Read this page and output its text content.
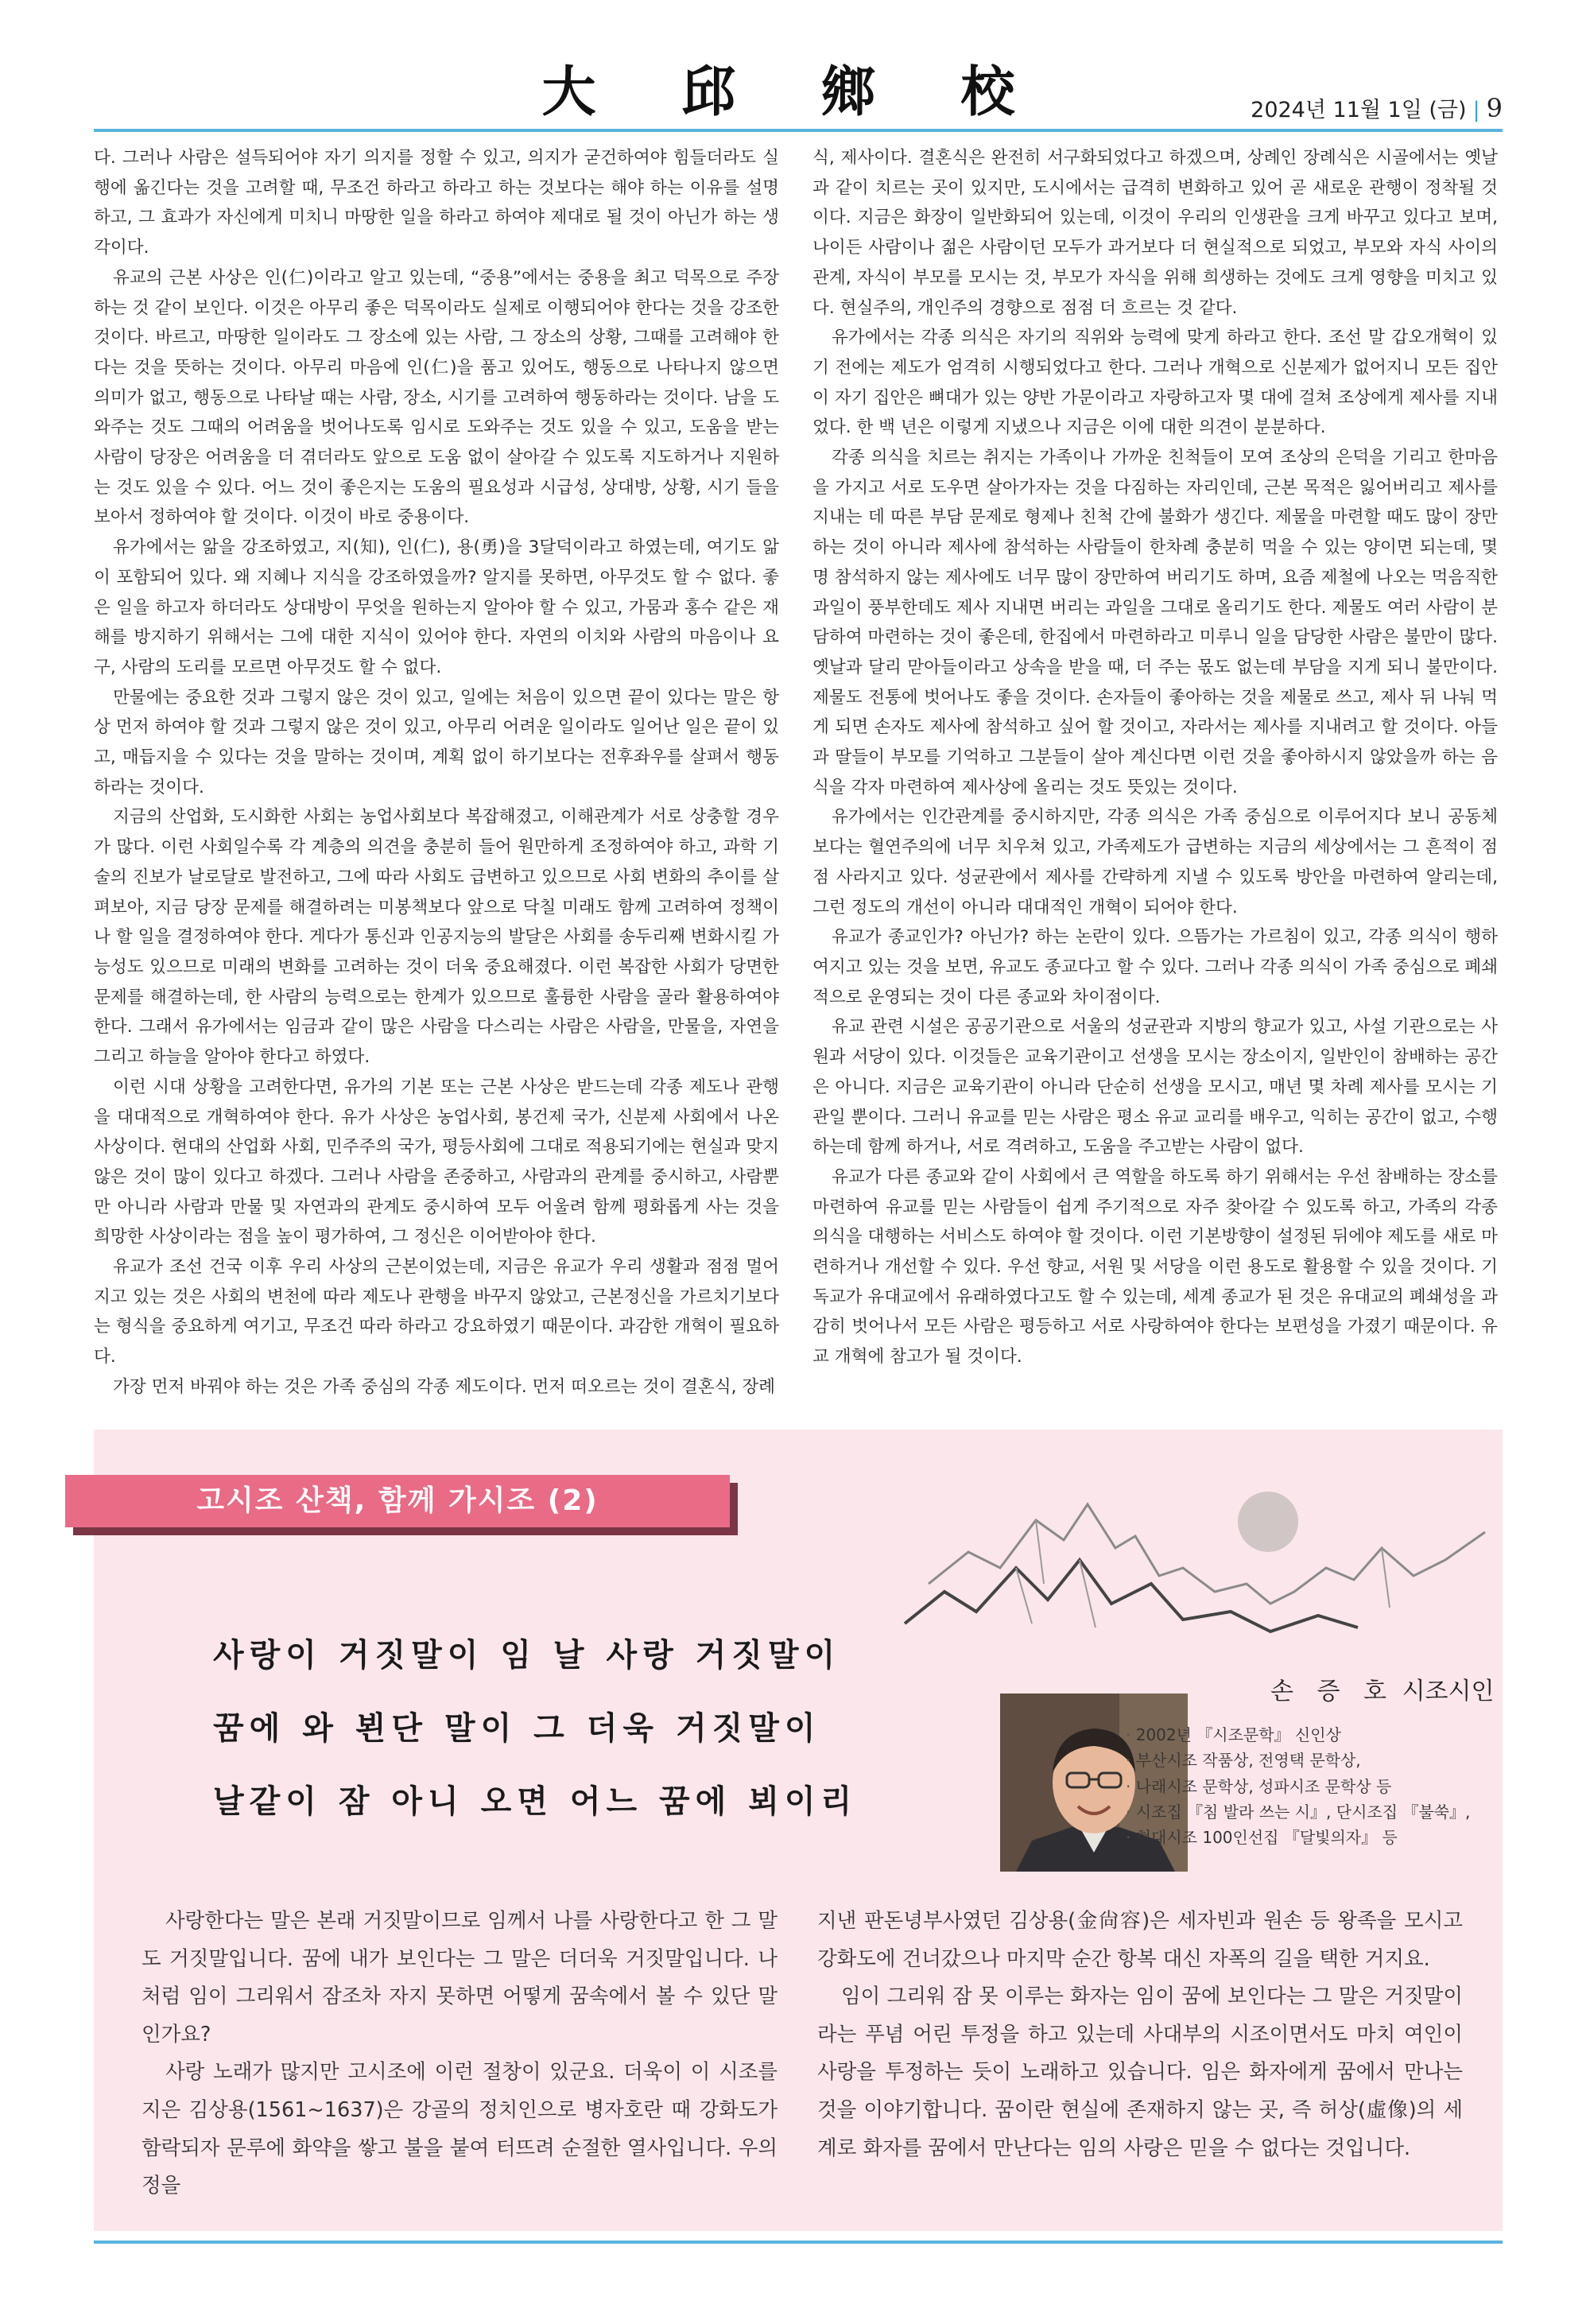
大 邱 鄉 校	2024년 11월 1일 (금) | 9

다. 그러나 사람은 설득되어야 자기 의지를 정할 수 있고, 의지가 굳건하여야 힘들더라도 실행에 옮긴다는 것을 고려할 때, 무조건 하라고 하라고 하는 것보다는 해야 하는 이유를 설명하고, 그 효과가 자신에게 미치니 마땅한 일을 하라고 하여야 제대로 될 것이 아닌가 하는 생각이다.

유교의 근본 사상은 인(仁)이라고 알고 있는데, “중용”에서는 중용을 최고 덕목으로 주장하는 것 같이 보인다. 이것은 아무리 좋은 덕목이라도 실제로 이행되어야 한다는 것을 강조한 것이다. 바르고, 마땅한 일이라도 그 장소에 있는 사람, 그 장소의 상황, 그때를 고려해야 한다는 것을 뜻하는 것이다. 아무리 마음에 인(仁)을 품고 있어도, 행동으로 나타나지 않으면 의미가 없고, 행동으로 나타날 때는 사람, 장소, 시기를 고려하여 행동하라는 것이다. 남을 도와주는 것도 그때의 어려움을 벗어나도록 임시로 도와주는 것도 있을 수 있고, 도움을 받는 사람이 당장은 어려움을 더 겪더라도 앞으로 도움 없이 살아갈 수 있도록 지도하거나 지원하는 것도 있을 수 있다. 어느 것이 좋은지는 도움의 필요성과 시급성, 상대방, 상황, 시기 들을 보아서 정하여야 할 것이다. 이것이 바로 중용이다.

유가에서는 앎을 강조하였고, 지(知), 인(仁), 용(勇)을 3달덕이라고 하였는데, 여기도 앎이 포함되어 있다. 왜 지혜나 지식을 강조하였을까? 알지를 못하면, 아무것도 할 수 없다. 좋은 일을 하고자 하더라도 상대방이 무엇을 원하는지 알아야 할 수 있고, 가뭄과 홍수 같은 재해를 방지하기 위해서는 그에 대한 지식이 있어야 한다. 자연의 이치와 사람의 마음이나 요구, 사람의 도리를 모르면 아무것도 할 수 없다.

만물에는 중요한 것과 그렇지 않은 것이 있고, 일에는 처음이 있으면 끝이 있다는 말은 항상 먼저 하여야 할 것과 그렇지 않은 것이 있고, 아무리 어려운 일이라도 일어난 일은 끝이 있고, 매듭지을 수 있다는 것을 말하는 것이며, 계획 없이 하기보다는 전후좌우를 살펴서 행동하라는 것이다.

지금의 산업화, 도시화한 사회는 농업사회보다 복잡해졌고, 이해관계가 서로 상충할 경우가 많다. 이런 사회일수록 각 계층의 의견을 충분히 들어 원만하게 조정하여야 하고, 과학 기술의 진보가 날로달로 발전하고, 그에 따라 사회도 급변하고 있으므로 사회 변화의 추이를 살펴보아, 지금 당장 문제를 해결하려는 미봉책보다 앞으로 닥칠 미래도 함께 고려하여 정책이나 할 일을 결정하여야 한다. 게다가 통신과 인공지능의 발달은 사회를 송두리째 변화시킬 가능성도 있으므로 미래의 변화를 고려하는 것이 더욱 중요해졌다. 이런 복잡한 사회가 당면한 문제를 해결하는데, 한 사람의 능력으로는 한계가 있으므로 훌륭한 사람을 골라 활용하여야 한다. 그래서 유가에서는 임금과 같이 많은 사람을 다스리는 사람은 사람을, 만물을, 자연을 그리고 하늘을 알아야 한다고 하였다.

이런 시대 상황을 고려한다면, 유가의 기본 또는 근본 사상은 받드는데 각종 제도나 관행을 대대적으로 개혁하여야 한다. 유가 사상은 농업사회, 봉건제 국가, 신분제 사회에서 나온 사상이다. 현대의 산업화 사회, 민주주의 국가, 평등사회에 그대로 적용되기에는 현실과 맞지 않은 것이 많이 있다고 하겠다. 그러나 사람을 존중하고, 사람과의 관계를 중시하고, 사람뿐만 아니라 사람과 만물 및 자연과의 관계도 중시하여 모두 어울려 함께 평화롭게 사는 것을 희망한 사상이라는 점을 높이 평가하여, 그 정신은 이어받아야 한다.

유교가 조선 건국 이후 우리 사상의 근본이었는데, 지금은 유교가 우리 생활과 점점 멀어지고 있는 것은 사회의 변천에 따라 제도나 관행을 바꾸지 않았고, 근본정신을 가르치기보다는 형식을 중요하게 여기고, 무조건 따라 하라고 강요하였기 때문이다. 과감한 개혁이 필요하다.

가장 먼저 바꿔야 하는 것은 가족 중심의 각종 제도이다. 먼저 떠오르는 것이 결혼식, 장례

식, 제사이다. 결혼식은 완전히 서구화되었다고 하겠으며, 상례인 장례식은 시골에서는 옛날과 같이 치르는 곳이 있지만, 도시에서는 급격히 변화하고 있어 곧 새로운 관행이 정착될 것이다. 지금은 화장이 일반화되어 있는데, 이것이 우리의 인생관을 크게 바꾸고 있다고 보며, 나이든 사람이나 젊은 사람이던 모두가 과거보다 더 현실적으로 되었고, 부모와 자식 사이의 관계, 자식이 부모를 모시는 것, 부모가 자식을 위해 희생하는 것에도 크게 영향을 미치고 있다. 현실주의, 개인주의 경향으로 점점 더 흐르는 것 같다.

유가에서는 각종 의식은 자기의 직위와 능력에 맞게 하라고 한다. 조선 말 갑오개혁이 있기 전에는 제도가 엄격히 시행되었다고 한다. 그러나 개혁으로 신분제가 없어지니 모든 집안이 자기 집안은 뼈대가 있는 양반 가문이라고 자랑하고자 몇 대에 걸쳐 조상에게 제사를 지내었다. 한 백 년은 이렇게 지냈으나 지금은 이에 대한 의견이 분분하다.

각종 의식을 치르는 취지는 가족이나 가까운 친척들이 모여 조상의 은덕을 기리고 한마음을 가지고 서로 도우면 살아가자는 것을 다짐하는 자리인데, 근본 목적은 잃어버리고 제사를 지내는 데 따른 부담 문제로 형제나 친척 간에 불화가 생긴다. 제물을 마련할 때도 많이 장만하는 것이 아니라 제사에 참석하는 사람들이 한차례 충분히 먹을 수 있는 양이면 되는데, 몇 명 참석하지 않는 제사에도 너무 많이 장만하여 버리기도 하며, 요즘 제철에 나오는 먹음직한 과일이 풍부한데도 제사 지내면 버리는 과일을 그대로 올리기도 한다. 제물도 여러 사람이 분담하여 마련하는 것이 좋은데, 한집에서 마련하라고 미루니 일을 담당한 사람은 불만이 많다. 옛날과 달리 맏아들이라고 상속을 받을 때, 더 주는 몫도 없는데 부담을 지게 되니 불만이다. 제물도 전통에 벗어나도 좋을 것이다. 손자들이 좋아하는 것을 제물로 쓰고, 제사 뒤 나눠 먹게 되면 손자도 제사에 참석하고 싶어 할 것이고, 자라서는 제사를 지내려고 할 것이다. 아들과 딸들이 부모를 기억하고 그분들이 살아 계신다면 이런 것을 좋아하시지 않았을까 하는 음식을 각자 마련하여 제사상에 올리는 것도 뜻있는 것이다.

유가에서는 인간관계를 중시하지만, 각종 의식은 가족 중심으로 이루어지다 보니 공동체보다는 혈연주의에 너무 치우쳐 있고, 가족제도가 급변하는 지금의 세상에서는 그 흔적이 점점 사라지고 있다. 성균관에서 제사를 간략하게 지낼 수 있도록 방안을 마련하여 알리는데, 그런 정도의 개선이 아니라 대대적인 개혁이 되어야 한다.

유교가 종교인가? 아닌가? 하는 논란이 있다. 으뜸가는 가르침이 있고, 각종 의식이 행하여지고 있는 것을 보면, 유교도 종교다고 할 수 있다. 그러나 각종 의식이 가족 중심으로 폐쇄적으로 운영되는 것이 다른 종교와 차이점이다.

유교 관련 시설은 공공기관으로 서울의 성균관과 지방의 향교가 있고, 사설 기관으로는 사원과 서당이 있다. 이것들은 교육기관이고 선생을 모시는 장소이지, 일반인이 참배하는 공간은 아니다. 지금은 교육기관이 아니라 단순히 선생을 모시고, 매년 몇 차례 제사를 모시는 기관일 뿐이다. 그러니 유교를 믿는 사람은 평소 유교 교리를 배우고, 익히는 공간이 없고, 수행하는데 함께 하거나, 서로 격려하고, 도움을 주고받는 사람이 없다.

유교가 다른 종교와 같이 사회에서 큰 역할을 하도록 하기 위해서는 우선 참배하는 장소를 마련하여 유교를 믿는 사람들이 쉽게 주기적으로 자주 찾아갈 수 있도록 하고, 가족의 각종 의식을 대행하는 서비스도 하여야 할 것이다. 이런 기본방향이 설정된 뒤에야 제도를 새로 마련하거나 개선할 수 있다. 우선 향교, 서원 및 서당을 이런 용도로 활용할 수 있을 것이다. 기독교가 유대교에서 유래하였다고도 할 수 있는데, 세계 종교가 된 것은 유대교의 폐쇄성을 과감히 벗어나서 모든 사람은 평등하고 서로 사랑하여야 한다는 보편성을 가졌기 때문이다. 유교 개혁에 참고가 될 것이다.

고시조 산책, 함께 가시조 (2)
사랑이 거짓말이 임 날 사랑 거짓말이
꿈에 와 뵌단 말이 그 더욱 거짓말이
날같이 잠 아니 오면 어느 꿈에 뵈이리
손 증 호 시조시인
· 2002년 『시조문학』 신인상
· 부산시조 작품상, 전영택 문학상,
· 나래시조 문학상, 성파시조 문학상 등
· 시조집 『침 발라 쓰는 시』, 단시조집 『불쑥』,
· 현대시조 100인선집 『달빛의자』 등

사랑한다는 말은 본래 거짓말이므로 임께서 나를 사랑한다고 한 그 말도 거짓말입니다. 꿈에 내가 보인다는 그 말은 더더욱 거짓말입니다. 나처럼 임이 그리워서 잠조차 자지 못하면 어떻게 꿈속에서 볼 수 있단 말인가요?

사랑 노래가 많지만 고시조에 이런 절창이 있군요. 더욱이 이 시조를 지은 김상용(1561~1637)은 강골의 정치인으로 병자호란 때 강화도가 함락되자 문루에 화약을 쌓고 불을 붙여 터뜨려 순절한 열사입니다. 우의정을

지낸 판돈녕부사였던 김상용(金尙容)은 세자빈과 원손 등 왕족을 모시고 강화도에 건너갔으나 마지막 순간 항복 대신 자폭의 길을 택한 거지요.

임이 그리워 잠 못 이루는 화자는 임이 꿈에 보인다는 그 말은 거짓말이라는 푸념 어린 투정을 하고 있는데 사대부의 시조이면서도 마치 여인이 사랑을 투정하는 듯이 노래하고 있습니다. 임은 화자에게 꿈에서 만나는 것을 이야기합니다. 꿈이란 현실에 존재하지 않는 곳, 즉 허상(虛像)의 세계로 화자를 꿈에서 만난다는 임의 사랑은 믿을 수 없다는 것입니다.
